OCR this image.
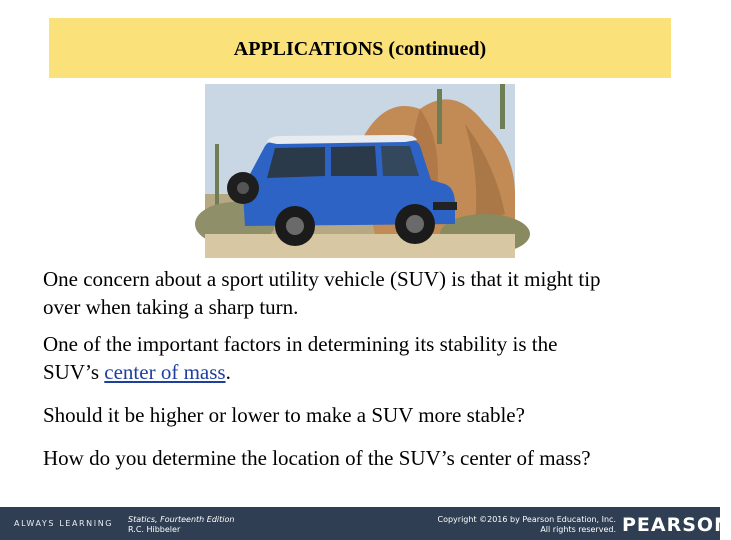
APPLICATIONS (continued)
One concern about a sport utility vehicle (SUV) is that it might tip
over when taking a sharp turn.
One of the important factors in determining its stability is the
SUV’s center of mass.
Should it be higher or lower to make a SUV more stable?
How do you determine the location of the SUV’s center of mass?
ALWAYS LEARNING Statics, Fourteenth Edition
R.C. Hibbeler
Copyright ©2016 by Pearson Education, Inc.
All rights reserved. PEARSON
